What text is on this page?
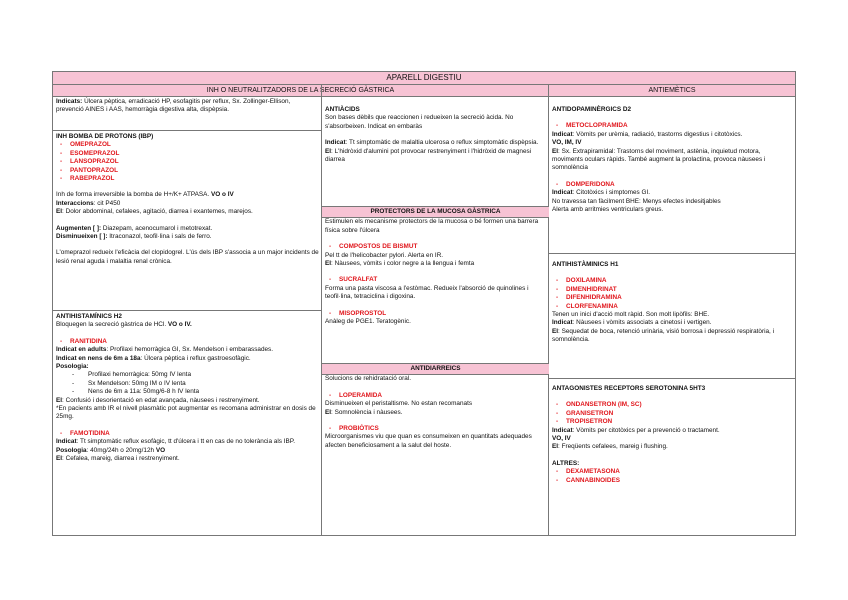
APARELL DIGESTIU
INH O NEUTRALITZADORS DE LA SECRECIÓ GÀSTRICA	ANTIEMÈTICS

Indicats: Úlcera pèptica, erradicació HP, esofagitis per reflux, Sx. Zollinger-Ellison, prevenció AINES i AAS, hemorràgia digestiva alta, dispèpsia.

INH BOMBA DE PROTONS (IBP)

- OMEPRAZOL

- ESOMEPRAZOL

- LANSOPRAZOL

- PANTOPRAZOL

- RABEPRAZOL

Inh de forma irreversible la bomba de H+/K+ ATPASA. VO o IV

Interaccions: cit P450

EI: Dolor abdominal, cefalees, agitació, diarrea i exantemes, marejos.

Augmenten [ ]: Diazepam, acenocumarol i metotrexat.

Disminueixen [ ]: Itraconazol, teofil·lina i sals de ferro.

L'omeprazol redueix l'eficàcia del clopidogrel. L'ús dels IBP s'associa a un major incidents de lesió renal aguda i malaltia renal crònica.

ANTIHISTAMÍNICS H2

Bloquegen la secreció gàstrica de HCl. VO o IV.

- RANITIDINA

Indicat en adults: Profilaxi hemorràgica GI, Sx. Mendelson i embarassades.

Indicat en nens de 6m a 18a: Úlcera pèptica i reflux gastroesofàgic.

Posologia:

- Profilaxi hemorràgica: 50mg IV lenta

- Sx Mendelson: 50mg IM o IV lenta

- Nens de 6m a 11a: 50mg/6-8 h IV lenta

EI: Confusió i desorientació en edat avançada, nàusees i restrenyiment.

*En pacients amb IR el nivell plasmàtic pot augmentar es recomana administrar en dosis de 25mg.

- FAMOTIDINA

Indicat: Tt simptomàtic reflux esofàgic, tt d'úlcera i tt en cas de no tolerància als IBP.

Posologia: 40mg/24h o 20mg/12h VO

EI: Cefalea, mareig, diarrea i restrenyiment.

ANTIÀCIDS

Son bases dèbils que reaccionen i redueixen la secreció àcida. No s'absorbeixen. Indicat en embaràs

Indicat: Tt simptomàtic de malaltia ulcerosa o reflux simptomàtic dispèpsia.

EI: L'hidròxid d'alumini pot provocar restrenyiment i l'hidròxid de magnesi diarrea

PROTECTORS DE LA MUCOSA GÀSTRICA

Estimulen els mecanisme protectors de la mucosa o bé formen una barrera física sobre l'úlcera

- COMPOSTOS DE BISMUT

Pel tt de l'helicobacter pylori. Alerta en IR.

EI: Nàusees, vòmits i color negre a la llengua i femta

- SUCRALFAT

Forma una pasta viscosa a l'estòmac. Redueix l'absorció de quinolines i teofil·lina, tetraciclina i digoxina.

- MISOPROSTOL

Anàleg de PGE1. Teratogènic.

ANTIDIARREICS

Solucions de rehidratació oral.

- LOPERAMIDA

Disminueixen el peristaltisme. No estan recomanats

EI: Somnolència i nàusees.

- PROBIÒTICS

Microorganismes viu que quan es consumeixen en quantitats adequades afecten beneficiosament a la salut del hoste.

ANTIDOPAMINÈRGICS D2

- METOCLOPRAMIDA

Indicat: Vòmits per urèmia, radiació, trastorns digestius i citotòxics.

VO, IM, IV

EI: Sx. Extrapiramidal: Trastorns del moviment, astènia, inquietud motora, moviments oculars ràpids. També augment la prolactina, provoca nàusees i somnolència

- DOMPERIDONA

Indicat: Citotòxics i simptomes GI.

No travessa tan fàcilment BHE: Menys efectes indesitjables

Alerta amb arritmies ventriculars greus.

ANTIHISTÀMINICS H1

- DOXILAMINA

- DIMENHIDRINAT

- DIFENHIDRAMINA

- CLORFENAMINA

Tenen un inici d'acció molt ràpid. Son molt lipòfils: BHE.

Indicat: Nàusees i vòmits associats a cinetosi i vertigen.

EI: Sequedat de boca, retenció urinària, visió borrosa i depressió respiratòria, i somnolència.

ANTAGONISTES RECEPTORS SEROTONINA 5HT3

- ONDANSETRON (IM, SC)

- GRANISETRON

- TROPISETRON

Indicat: Vòmits per citotòxics per a prevenció o tractament.

VO, IV

EI: Freqüents cefalees, mareig i flushing.

ALTRES:

- DEXAMETASONA

- CANNABINOIDES
